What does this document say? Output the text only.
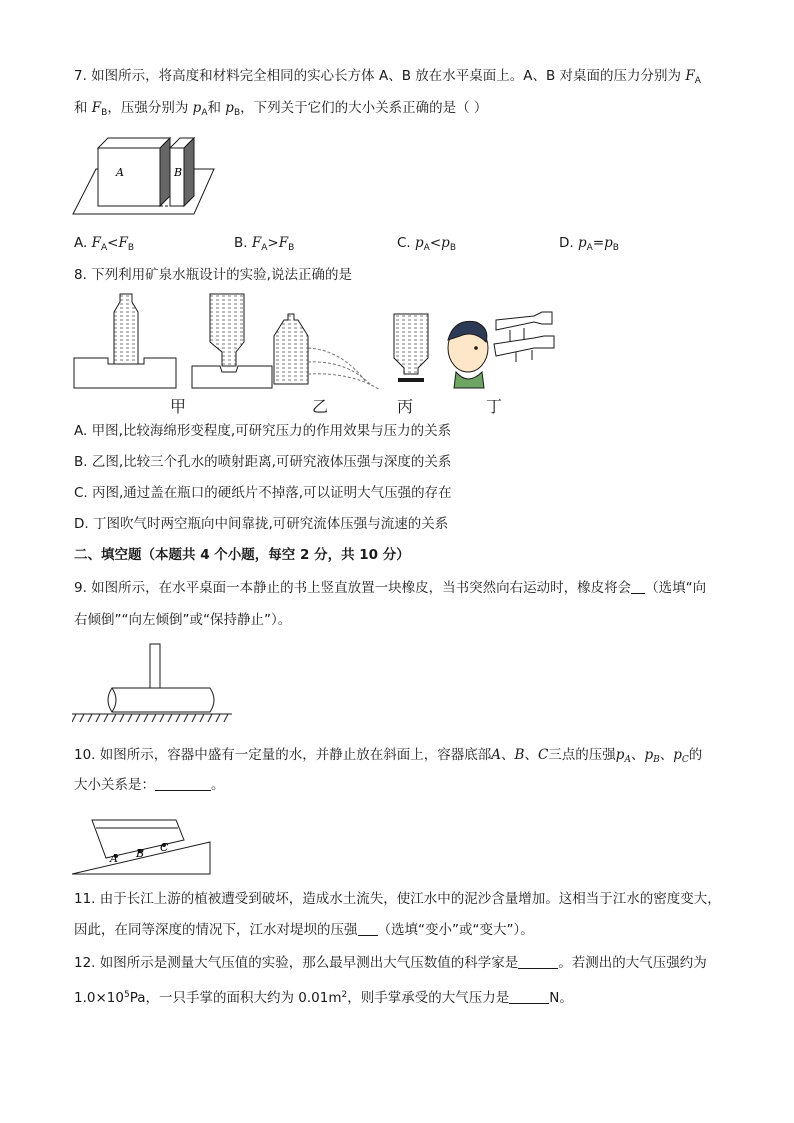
7. 如图所示，将高度和材料完全相同的实心长方体 A、B 放在水平桌面上。A、B 对桌面的压力分别为 $F_A$
和 $F_B$，压强分别为 $p_A$和 $p_B$，下列关于它们的大小关系正确的是（ ）
A	B
A. $F_A<F_B$	B. $F_A>F_B$	C. $p_A<p_B$	D. $p_A=p_B$
8. 下列利用矿泉水瓶设计的实验,说法正确的是
甲	乙	丙	丁
A. 甲图,比较海绵形变程度,可研究压力的作用效果与压力的关系
B. 乙图,比较三个孔水的喷射距离,可研究液体压强与深度的关系
C. 丙图,通过盖在瓶口的硬纸片不掉落,可以证明大气压强的存在
D. 丁图吹气时两空瓶向中间靠拢,可研究流体压强与流速的关系
二、填空题（本题共 4 个小题，每空 2 分，共 10 分）
9. 如图所示，在水平桌面一本静止的书上竖直放置一块橡皮，当书突然向右运动时，橡皮将会 （选填“向
右倾倒”“向左倾倒”或“保持静止”）。
10. 如图所示，容器中盛有一定量的水，并静止放在斜面上，容器底部A、B、C三点的压强$p_A$、$p_B$、$p_C$的
大小关系是：	。
A B C
11. 由于长江上游的植被遭受到破坏，造成水土流失，使江水中的泥沙含量增加。这相当于江水的密度变大，
因此，在同等深度的情况下，江水对堤坝的压强 （选填“变小”或“变大”）。
12. 如图所示是测量大气压值的实验，那么最早测出大气压数值的科学家是	。若测出的大气压强约为
$1.0\times 10^5Pa$，一只手掌的面积大约为 $0.01m^2$，则手掌承受的大气压力是	N。
